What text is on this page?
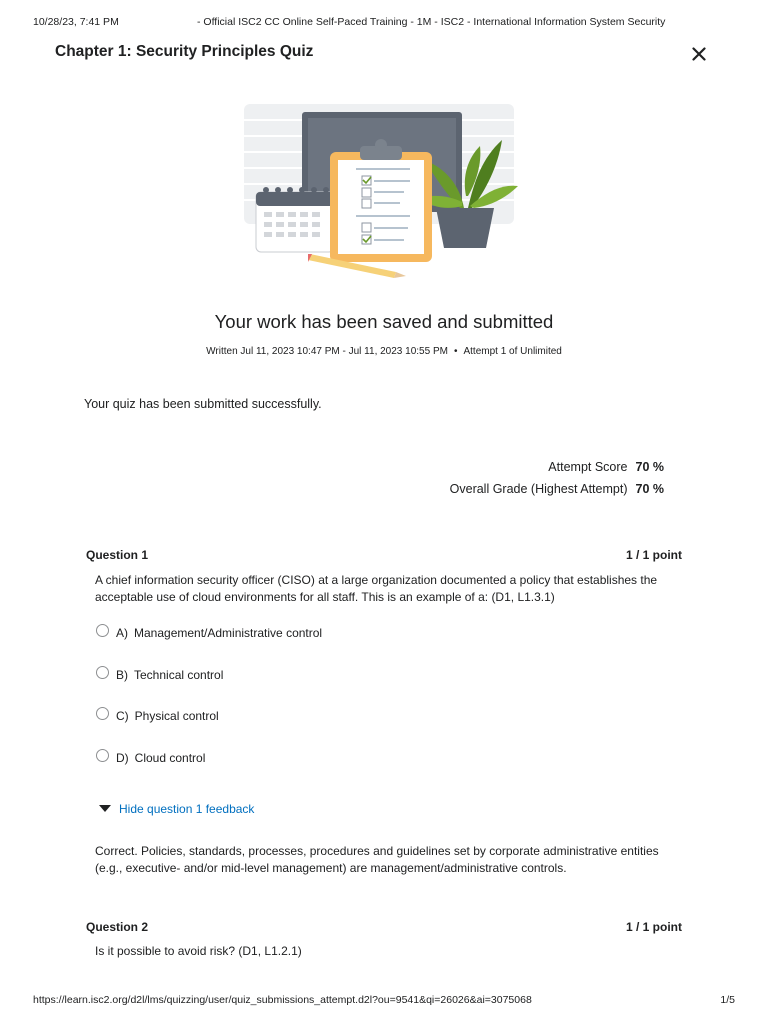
10/28/23, 7:41 PM	- Official ISC2 CC Online Self-Paced Training - 1M - ISC2 - International Information System Security
Chapter 1: Security Principles Quiz
Your work has been saved and submitted
Written Jul 11, 2023 10:47 PM - Jul 11, 2023 10:55 PM • Attempt 1 of Unlimited
Your quiz has been submitted successfully.
Attempt Score 70 %
Overall Grade (Highest Attempt) 70 %
Question 1	1 / 1 point
A chief information security officer (CISO) at a large organization documented a policy that establishes the acceptable use of cloud environments for all staff. This is an example of a: (D1, L1.3.1)
A) Management/Administrative control
B) Technical control
C) Physical control
D) Cloud control
Hide question 1 feedback
Correct. Policies, standards, processes, procedures and guidelines set by corporate administrative entities (e.g., executive- and/or mid-level management) are management/administrative controls.
Question 2	1 / 1 point
Is it possible to avoid risk? (D1, L1.2.1)
https://learn.isc2.org/d2l/lms/quizzing/user/quiz_submissions_attempt.d2l?ou=9541&qi=26026&ai=3075068	1/5
